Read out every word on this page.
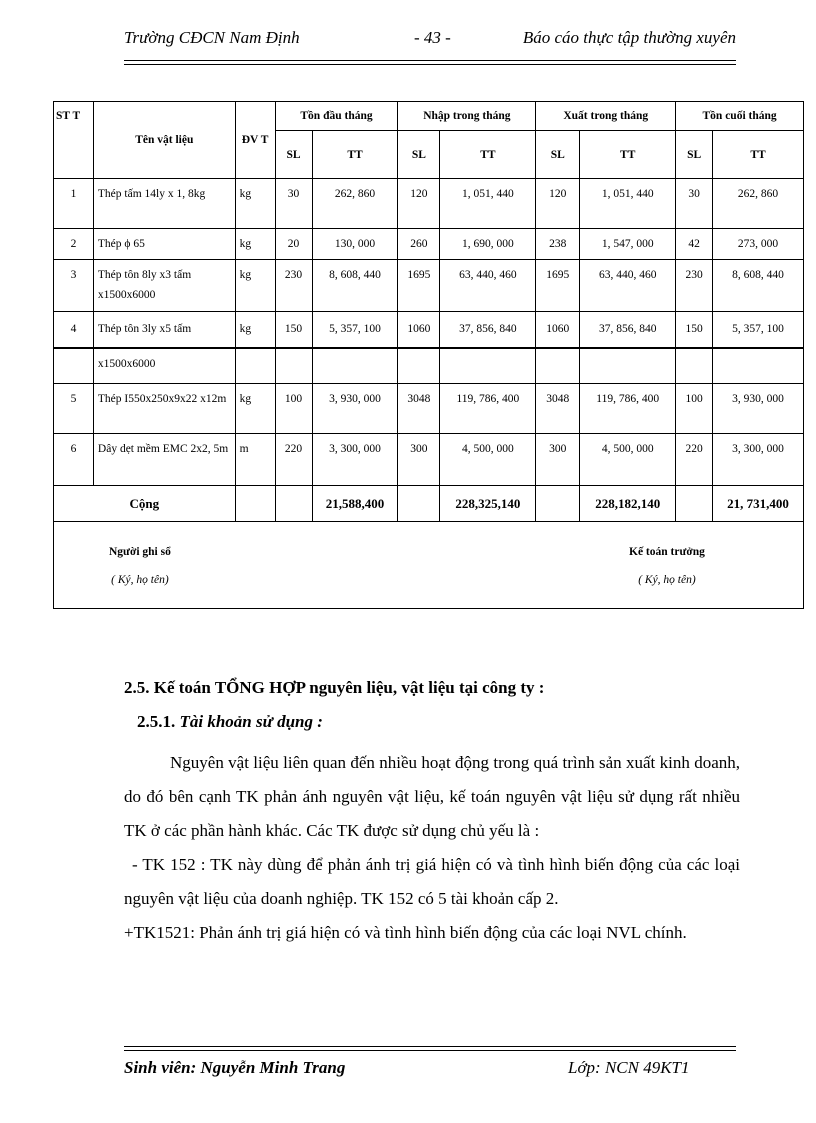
Trường CĐCN Nam Định	- 43 -	Báo cáo thực tập thường xuyên
ST T	Tên vật liệu	ĐV T	Tồn đầu tháng		Nhập trong tháng		Xuất trong tháng		Tồn cuối tháng	
			SL	TT	SL	TT	SL	TT	SL	TT
1	Thép tấm 14ly x 1, 8kg	kg	30	262, 860	120	1, 051, 440	120	1, 051, 440	30	262, 860
2	Thép ϕ 65	kg	20	130, 000	260	1, 690, 000	238	1, 547, 000	42	273, 000
3	Thép tôn 8ly x3 tấm x1500x6000	kg	230	8, 608, 440	1695	63, 440, 460	1695	63, 440, 460	230	8, 608, 440
4	Thép tôn 3ly x5 tấm	kg	150	5, 357, 100	1060	37, 856, 840	1060	37, 856, 840	150	5, 357, 100
	x1500x6000									
5	Thép I550x250x9x22 x12m	kg	100	3, 930, 000	3048	119, 786, 400	3048	119, 786, 400	100	3, 930, 000
6	Dây dẹt mềm EMC 2x2, 5m	m	220	3, 300, 000	300	4, 500, 000	300	4, 500, 000	220	3, 300, 000
Cộng				21,588,400		228,325,140		228,182,140		21, 731,400

Người ghi sổ
( Ký, họ tên)
Kế toán trưởng
( Ký, họ tên)										
2.5. Kế toán TỔNG HỢP nguyên liệu, vật liệu tại công ty :
2.5.1. Tài khoản sử dụng :
Nguyên vật liệu liên quan đến nhiều hoạt động trong quá trình sản xuất kinh doanh, do đó bên cạnh TK phản ánh nguyên vật liệu, kế toán nguyên vật liệu sử dụng rất nhiều TK ở các phần hành khác. Các TK được sử dụng chủ yếu là :
- TK 152 : TK này dùng để phản ánh trị giá hiện có và tình hình biến động của các loại nguyên vật liệu của doanh nghiệp. TK 152 có 5 tài khoản cấp 2.
+TK1521: Phản ánh trị giá hiện có và tình hình biến động của các loại NVL chính.
Sinh viên: Nguyễn Minh Trang	Lớp: NCN 49KT1
